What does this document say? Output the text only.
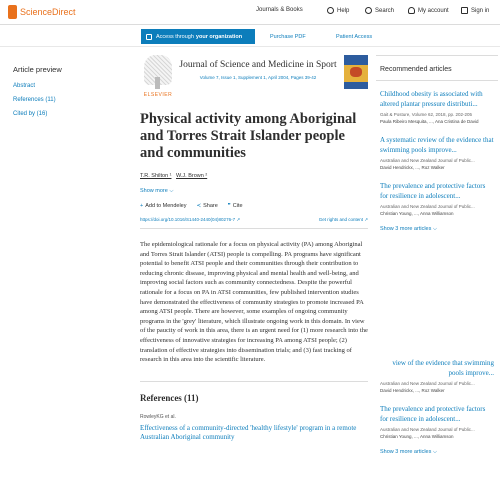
ScienceDirect	Journals & Books	Help	Search	My account	Sign in
Access through your organization	Purchase PDF	Patient Access
Article preview
Abstract
References (11)
Cited by (16)
ELSEVIER
Journal of Science and Medicine in Sport
Volume 7, Issue 1, Supplement 1, April 2004, Pages 39-42
Physical activity among Aboriginal and Torres Strait Islander people and communities
T.R. Shilton ¹ W.J. Brown ²
Show more ⌵
+ Add to Mendeley ≺ Share ❞ Cite
https://doi.org/10.1016/S1440-2440(04)80276-7 ↗	Get rights and content ↗

The epidemiological rationale for a focus on physical activity (PA) among Aboriginal and Torres Strait Islander (ATSI) people is compelling. PA programs have significant potential to benefit ATSI people and their communities through their contribution to reducing chronic disease, improving physical and mental health and well-being, and improving social factors such as community connectedness. Despite the powerful rationale for a focus on PA in ATSI communities, few published intervention studies have demonstrated the effectiveness of community strategies to promote increased PA among ATSI people. There are however, some examples of ongoing community programs in the 'grey' literature, which illustrate ongoing work in this domain. In view of the paucity of work in this area, there is an urgent need for (1) more research into the effectiveness of innovative strategies for increasing PA among ATSI people; (2) translation of effective strategies into dissemination trials; and (3) fast tracking of research in this area into the scientific literature.

References (11)
RowleyKG et al.
Effectiveness of a community-directed 'healthy lifestyle' program in a remote Australian Aboriginal community
Recommended articles
Childhood obesity is associated with altered plantar pressure distributi...
Gait & Posture, Volume 62, 2018, pp. 202-205
Paula Ribeiro Mesquita, ..., Ana Cristina de David
A systematic review of the evidence that swimming pools improve...
Australian and New Zealand Journal of Public...
David Hendrickx, ..., Roz Walker
The prevalence and protective factors for resilience in adolescent...
Australian and New Zealand Journal of Public...
Christian Young, ..., Anna Williamson
Show 3 more articles ⌵
view of the evidence that swimming pools improve...
Australian and New Zealand Journal of Public...
David Hendrickx, ..., Roz Walker
The prevalence and protective factors for resilience in adolescent...
Australian and New Zealand Journal of Public...
Christian Young, ..., Anna Williamson
Show 3 more articles ⌵
